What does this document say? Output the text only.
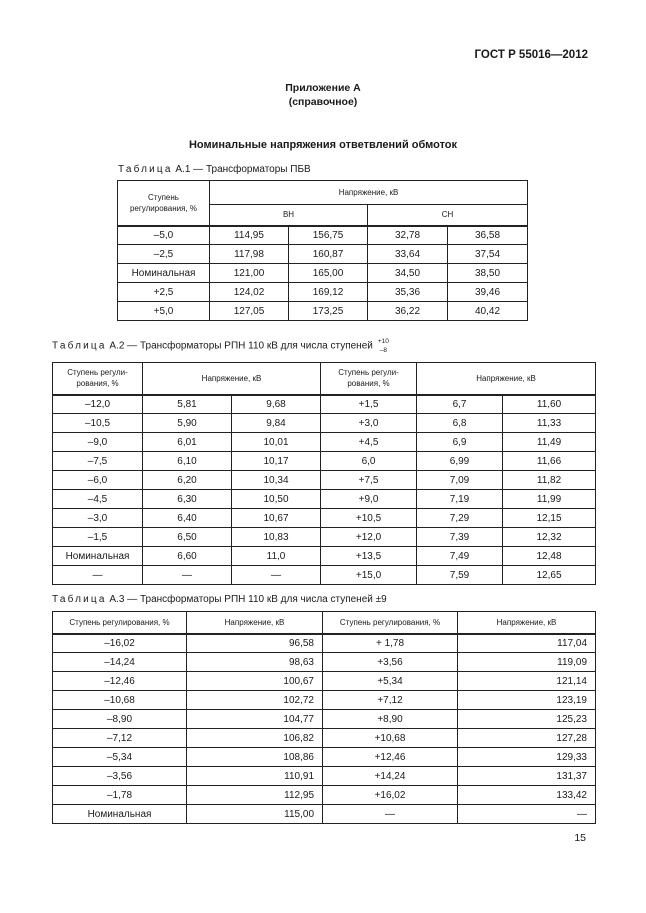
ГОСТ Р 55016—2012
Приложение А
(справочное)
Номинальные напряжения ответвлений обмоток
Таблица А.1 — Трансформаторы ПБВ
Ступень регулирования, %	Напряжение, кВ			
	ВН		СН	
–5,0	114,95	156,75	32,78	36,58
–2,5	117,98	160,87	33,64	37,54
Номинальная	121,00	165,00	34,50	38,50
+2,5	124,02	169,12	35,36	39,46
+5,0	127,05	173,25	36,22	40,42
Таблица А.2 — Трансформаторы РПН 110 кВ для числа ступеней +10
–8
Ступень регули-рования, %	Напряжение, кВ		Ступень регули-рования, %	Напряжение, кВ	
–12,0	5,81	9,68	+1,5	6,7	11,60
–10,5	5,90	9,84	+3,0	6,8	11,33
–9,0	6,01	10,01	+4,5	6,9	11,49
–7,5	6,10	10,17	6,0	6,99	11,66
–6,0	6,20	10,34	+7,5	7,09	11,82
–4,5	6,30	10,50	+9,0	7,19	11,99
–3,0	6,40	10,67	+10,5	7,29	12,15
–1,5	6,50	10,83	+12,0	7,39	12,32
Номинальная	6,60	11,0	+13,5	7,49	12,48
—	—	—	+15,0	7,59	12,65
Таблица А.3 — Трансформаторы РПН 110 кВ для числа ступеней ±9
Ступень регулирования, %	Напряжение, кВ	Ступень регулирования, %	Напряжение, кВ
–16,02	96,58	+ 1,78	117,04
–14,24	98,63	+3,56	119,09
–12,46	100,67	+5,34	121,14
–10,68	102,72	+7,12	123,19
–8,90	104,77	+8,90	125,23
–7,12	106,82	+10,68	127,28
–5,34	108,86	+12,46	129,33
–3,56	110,91	+14,24	131,37
–1,78	112,95	+16,02	133,42
Номинальная	115,00	—	—
15
